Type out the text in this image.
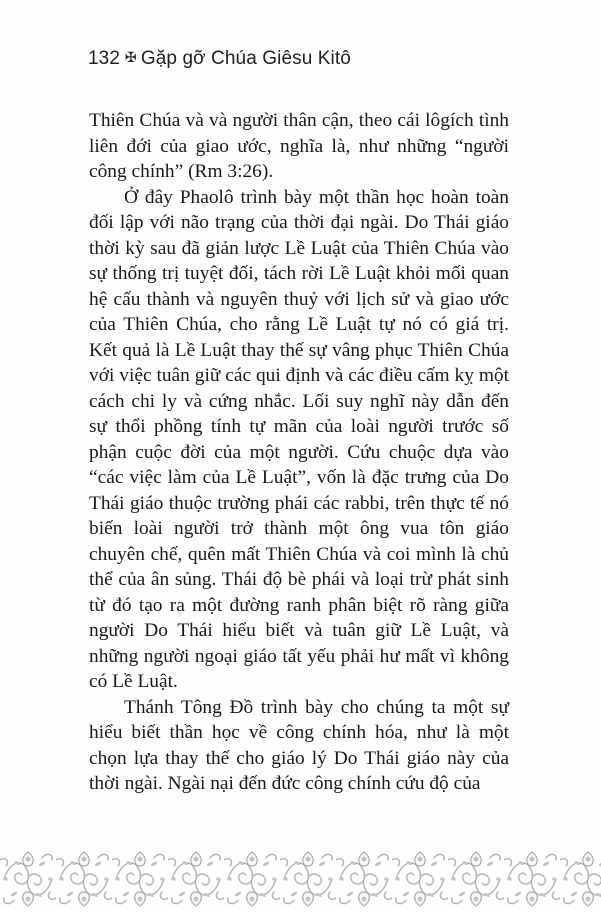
132 ✠ Gặp gỡ Chúa Giêsu Kitô

Thiên Chúa và và người thân cận, theo cái lôgích tình liên đới của giao ước, nghĩa là, như những “người công chính” (Rm 3:26).

Ở đây Phaolô trình bày một thần học hoàn toàn đối lập với não trạng của thời đại ngài. Do Thái giáo thời kỳ sau đã giản lược Lề Luật của Thiên Chúa vào sự thống trị tuyệt đối, tách rời Lề Luật khỏi mối quan hệ cấu thành và nguyên thuỷ với lịch sử và giao ước của Thiên Chúa, cho rằng Lề Luật tự nó có giá trị. Kết quả là Lề Luật thay thế sự vâng phục Thiên Chúa với việc tuân giữ các qui định và các điều cấm kỵ một cách chi ly và cứng nhắc. Lối suy nghĩ này dẫn đến sự thổi phồng tính tự mãn của loài người trước số phận cuộc đời của một người. Cứu chuộc dựa vào “các việc làm của Lề Luật”, vốn là đặc trưng của Do Thái giáo thuộc trường phái các rabbi, trên thực tế nó biến loài người trở thành một ông vua tôn giáo chuyên chế, quên mất Thiên Chúa và coi mình là chủ thể của ân sủng. Thái độ bè phái và loại trừ phát sinh từ đó tạo ra một đường ranh phân biệt rõ ràng giữa người Do Thái hiểu biết và tuân giữ Lề Luật, và những người ngoại giáo tất yếu phải hư mất vì không có Lề Luật.

Thánh Tông Đồ trình bày cho chúng ta một sự hiểu biết thần học về công chính hóa, như là một chọn lựa thay thế cho giáo lý Do Thái giáo này của thời ngài. Ngài nại đến đức công chính cứu độ của
